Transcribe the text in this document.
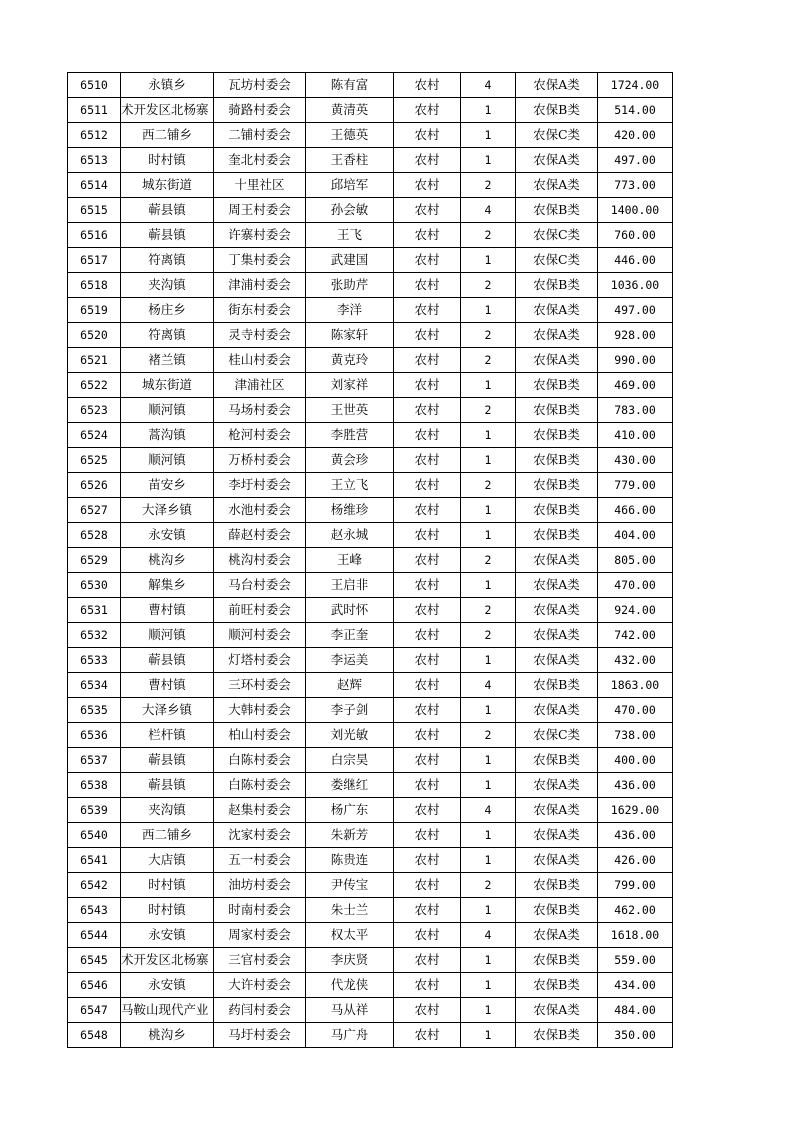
6510	永镇乡	瓦坊村委会	陈有富	农村	4	农保A类	1724.00
6511	术开发区北杨寨	骑路村委会	黄清英	农村	1	农保B类	514.00
6512	西二铺乡	二铺村委会	王德英	农村	1	农保C类	420.00
6513	时村镇	奎北村委会	王香柱	农村	1	农保A类	497.00
6514	城东街道	十里社区	邱培军	农村	2	农保A类	773.00
6515	蕲县镇	周王村委会	孙会敏	农村	4	农保B类	1400.00
6516	蕲县镇	许寨村委会	王飞	农村	2	农保C类	760.00
6517	符离镇	丁集村委会	武建国	农村	1	农保C类	446.00
6518	夹沟镇	津浦村委会	张助芹	农村	2	农保B类	1036.00
6519	杨庄乡	街东村委会	李洋	农村	1	农保A类	497.00
6520	符离镇	灵寺村委会	陈家轩	农村	2	农保A类	928.00
6521	褚兰镇	桂山村委会	黄克玲	农村	2	农保A类	990.00
6522	城东街道	津浦社区	刘家祥	农村	1	农保B类	469.00
6523	顺河镇	马场村委会	王世英	农村	2	农保B类	783.00
6524	蒿沟镇	枪河村委会	李胜营	农村	1	农保B类	410.00
6525	顺河镇	万桥村委会	黄会珍	农村	1	农保B类	430.00
6526	苗安乡	李圩村委会	王立飞	农村	2	农保B类	779.00
6527	大泽乡镇	水池村委会	杨维珍	农村	1	农保B类	466.00
6528	永安镇	薛赵村委会	赵永城	农村	1	农保B类	404.00
6529	桃沟乡	桃沟村委会	王峰	农村	2	农保A类	805.00
6530	解集乡	马台村委会	王启非	农村	1	农保A类	470.00
6531	曹村镇	前旺村委会	武时怀	农村	2	农保A类	924.00
6532	顺河镇	顺河村委会	李正奎	农村	2	农保A类	742.00
6533	蕲县镇	灯塔村委会	李运美	农村	1	农保A类	432.00
6534	曹村镇	三环村委会	赵辉	农村	4	农保B类	1863.00
6535	大泽乡镇	大韩村委会	李子剑	农村	1	农保A类	470.00
6536	栏杆镇	柏山村委会	刘光敏	农村	2	农保C类	738.00
6537	蕲县镇	白陈村委会	白宗昊	农村	1	农保B类	400.00
6538	蕲县镇	白陈村委会	娄继红	农村	1	农保A类	436.00
6539	夹沟镇	赵集村委会	杨广东	农村	4	农保A类	1629.00
6540	西二铺乡	沈家村委会	朱新芳	农村	1	农保A类	436.00
6541	大店镇	五一村委会	陈贵连	农村	1	农保A类	426.00
6542	时村镇	油坊村委会	尹传宝	农村	2	农保B类	799.00
6543	时村镇	时南村委会	朱士兰	农村	1	农保B类	462.00
6544	永安镇	周家村委会	权太平	农村	4	农保A类	1618.00
6545	术开发区北杨寨	三官村委会	李庆贤	农村	1	农保B类	559.00
6546	永安镇	大许村委会	代龙侠	农村	1	农保B类	434.00
6547	马鞍山现代产业	药闫村委会	马从祥	农村	1	农保A类	484.00
6548	桃沟乡	马圩村委会	马广舟	农村	1	农保B类	350.00
